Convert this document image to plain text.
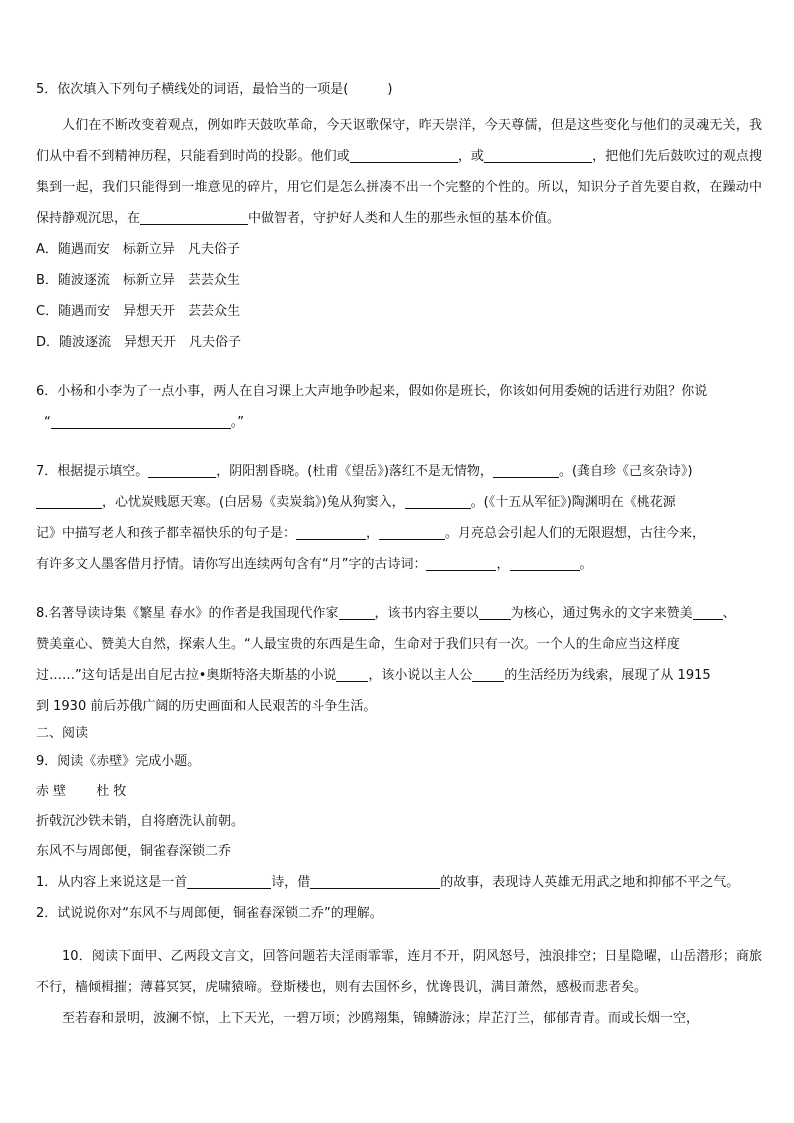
5．依次填入下列句子横线处的词语，最恰当的一项是(　　　)
人们在不断改变着观点，例如昨天鼓吹革命，今天讴歌保守，昨天崇洋，今天尊儒，但是这些变化与他们的灵魂无关，我们从中看不到精神历程，只能看到时尚的投影。他们或	，或	，把他们先后鼓吹过的观点搜集到一起，我们只能得到一堆意见的碎片，用它们是怎么拼凑不出一个完整的个性的。所以，知识分子首先要自救，在躁动中保持静观沉思，在	中做智者，守护好人类和人生的那些永恒的基本价值。
A．随遇而安　标新立异　凡夫俗子
B．随波逐流　标新立异　芸芸众生
C．随遇而安　异想天开　芸芸众生
D．随波逐流　异想天开　凡夫俗子
6．小杨和小李为了一点小事，两人在自习课上大声地争吵起来，假如你是班长，你该如何用委婉的话进行劝阻？你说
“	。”
7．根据提示填空。	，阴阳割昏晓。(杜甫《望岳》)落红不是无情物，	。(龚自珍《己亥杂诗》)
，心忧炭贱愿天寒。(白居易《卖炭翁》)兔从狗窦入，	。(《十五从军征》)陶渊明在《桃花源
记》中描写老人和孩子都幸福快乐的句子是：	，	。月亮总会引起人们的无限遐想，古往今来，
有许多文人墨客借月抒情。请你写出连续两句含有“月”字的古诗词：	，	。
8.名著导读诗集《繁星 春水》的作者是我国现代作家	，该书内容主要以 为核心，通过隽永的文字来赞美 、
赞美童心、赞美大自然，探索人生。“人最宝贵的东西是生命，生命对于我们只有一次。一个人的生命应当这样度
过……”这句话是出自尼古拉•奥斯特洛夫斯基的小说 ，该小说以主人公 的生活经历为线索，展现了从 1915
到 1930 前后苏俄广阔的历史画面和人民艰苦的斗争生活。
二、阅读
9．阅读《赤壁》完成小题。
赤 壁　　 杜 牧
折戟沉沙铁未销，自将磨洗认前朝。
东风不与周郎便，铜雀春深锁二乔
1．从内容上来说这是一首	诗，借	的故事，表现诗人英雄无用武之地和抑郁不平之气。
2．试说说你对“东风不与周郎便，铜雀春深锁二乔”的理解。
10．阅读下面甲、乙两段文言文，回答问题若夫淫雨霏霏，连月不开，阴风怒号，浊浪排空；日星隐曜，山岳潜形；商旅不行，樯倾楫摧；薄暮冥冥，虎啸猿啼。登斯楼也，则有去国怀乡，忧谗畏讥，满目萧然，感极而悲者矣。
至若春和景明，波澜不惊，上下天光，一碧万顷；沙鸥翔集，锦鳞游泳；岸芷汀兰，郁郁青青。而或长烟一空，
